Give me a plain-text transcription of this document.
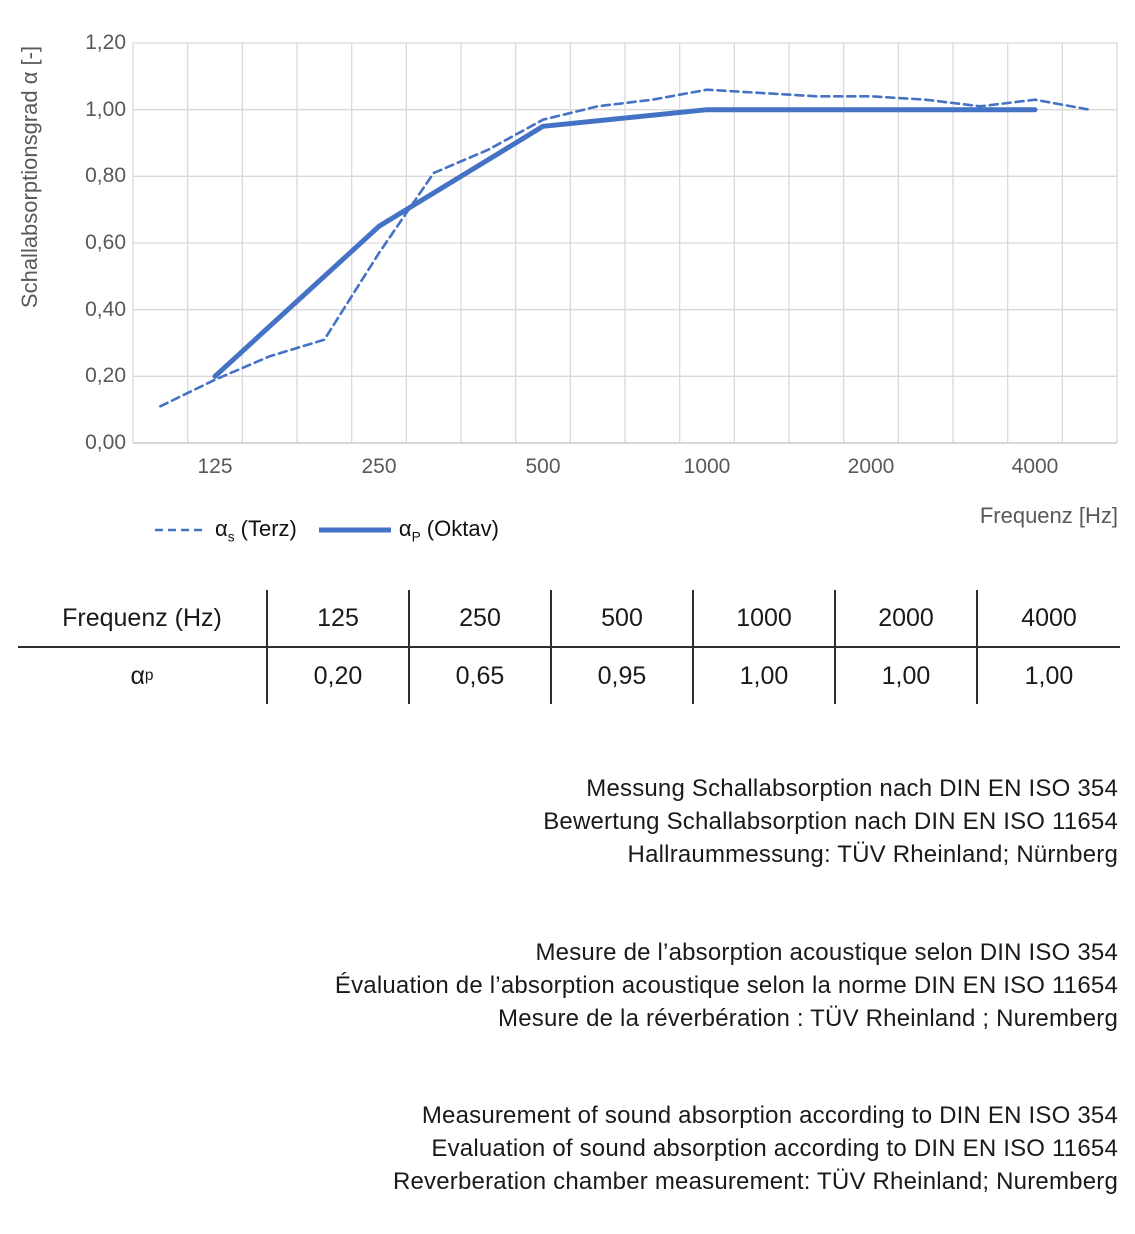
Schallabsorptionsgrad α [-]
0,00
0,20
0,40
0,60
0,80
1,00
1,20
125	250	500	1000	2000	4000
Frequenz [Hz]
$\alpha_s$ (Terz)	$\alpha_P$ (Oktav)
Frequenz (Hz)	125	250	500	1000	2000	4000
α p	0,20	0,65	0,95	1,00	1,00	1,00
Messung Schallabsorption nach DIN EN ISO 354
Bewertung Schallabsorption nach DIN EN ISO 11654
Hallraummessung: TÜV Rheinland; Nürnberg
Mesure de l’absorption acoustique selon DIN ISO 354
Évaluation de l’absorption acoustique selon la norme DIN EN ISO 11654
Mesure de la réverbération : TÜV Rheinland ; Nuremberg
Measurement of sound absorption according to DIN EN ISO 354
Evaluation of sound absorption according to DIN EN ISO 11654
Reverberation chamber measurement: TÜV Rheinland; Nuremberg
